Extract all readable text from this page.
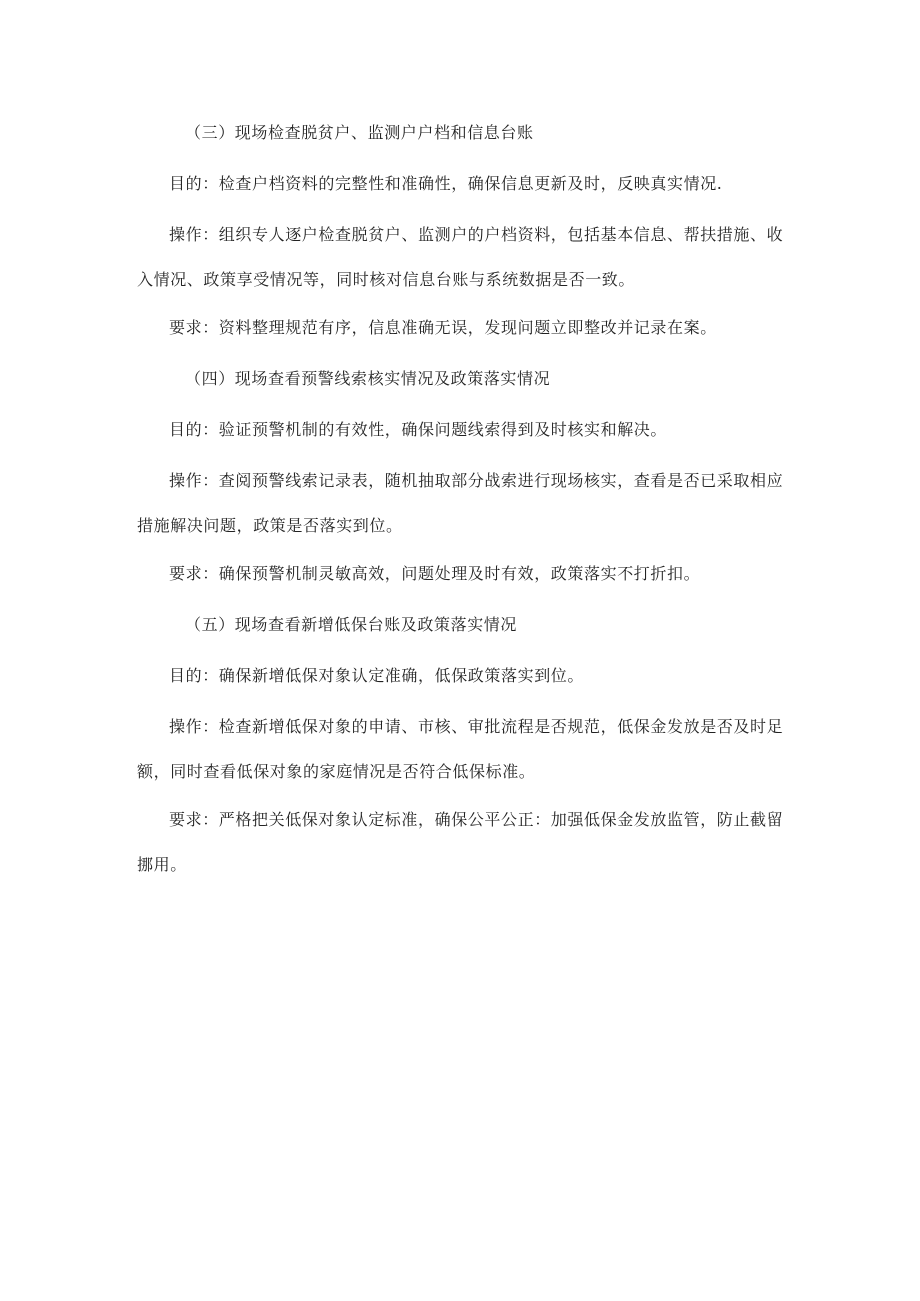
（三）现场检查脱贫户、监测户户档和信息台账

目的：检查户档资料的完整性和准确性，确保信息更新及时，反映真实情况.

操作：组织专人逐户检查脱贫户、监测户的户档资料，包括基本信息、帮扶措施、收入情况、政策享受情况等，同时核对信息台账与系统数据是否一致。

要求：资料整理规范有序，信息准确无误，发现问题立即整改并记录在案。

（四）现场查看预警线索核实情况及政策落实情况

目的：验证预警机制的有效性，确保问题线索得到及时核实和解决。

操作：查阅预警线索记录表，随机抽取部分战索进行现场核实，查看是否已采取相应措施解决问题，政策是否落实到位。

要求：确保预警机制灵敏高效，问题处理及时有效，政策落实不打折扣。

（五）现场查看新增低保台账及政策落实情况

目的：确保新增低保对象认定准确，低保政策落实到位。

操作：检查新增低保对象的申请、市核、审批流程是否规范，低保金发放是否及时足额，同时查看低保对象的家庭情况是否符合低保标准。

要求：严格把关低保对象认定标准，确保公平公正：加强低保金发放监管，防止截留挪用。
